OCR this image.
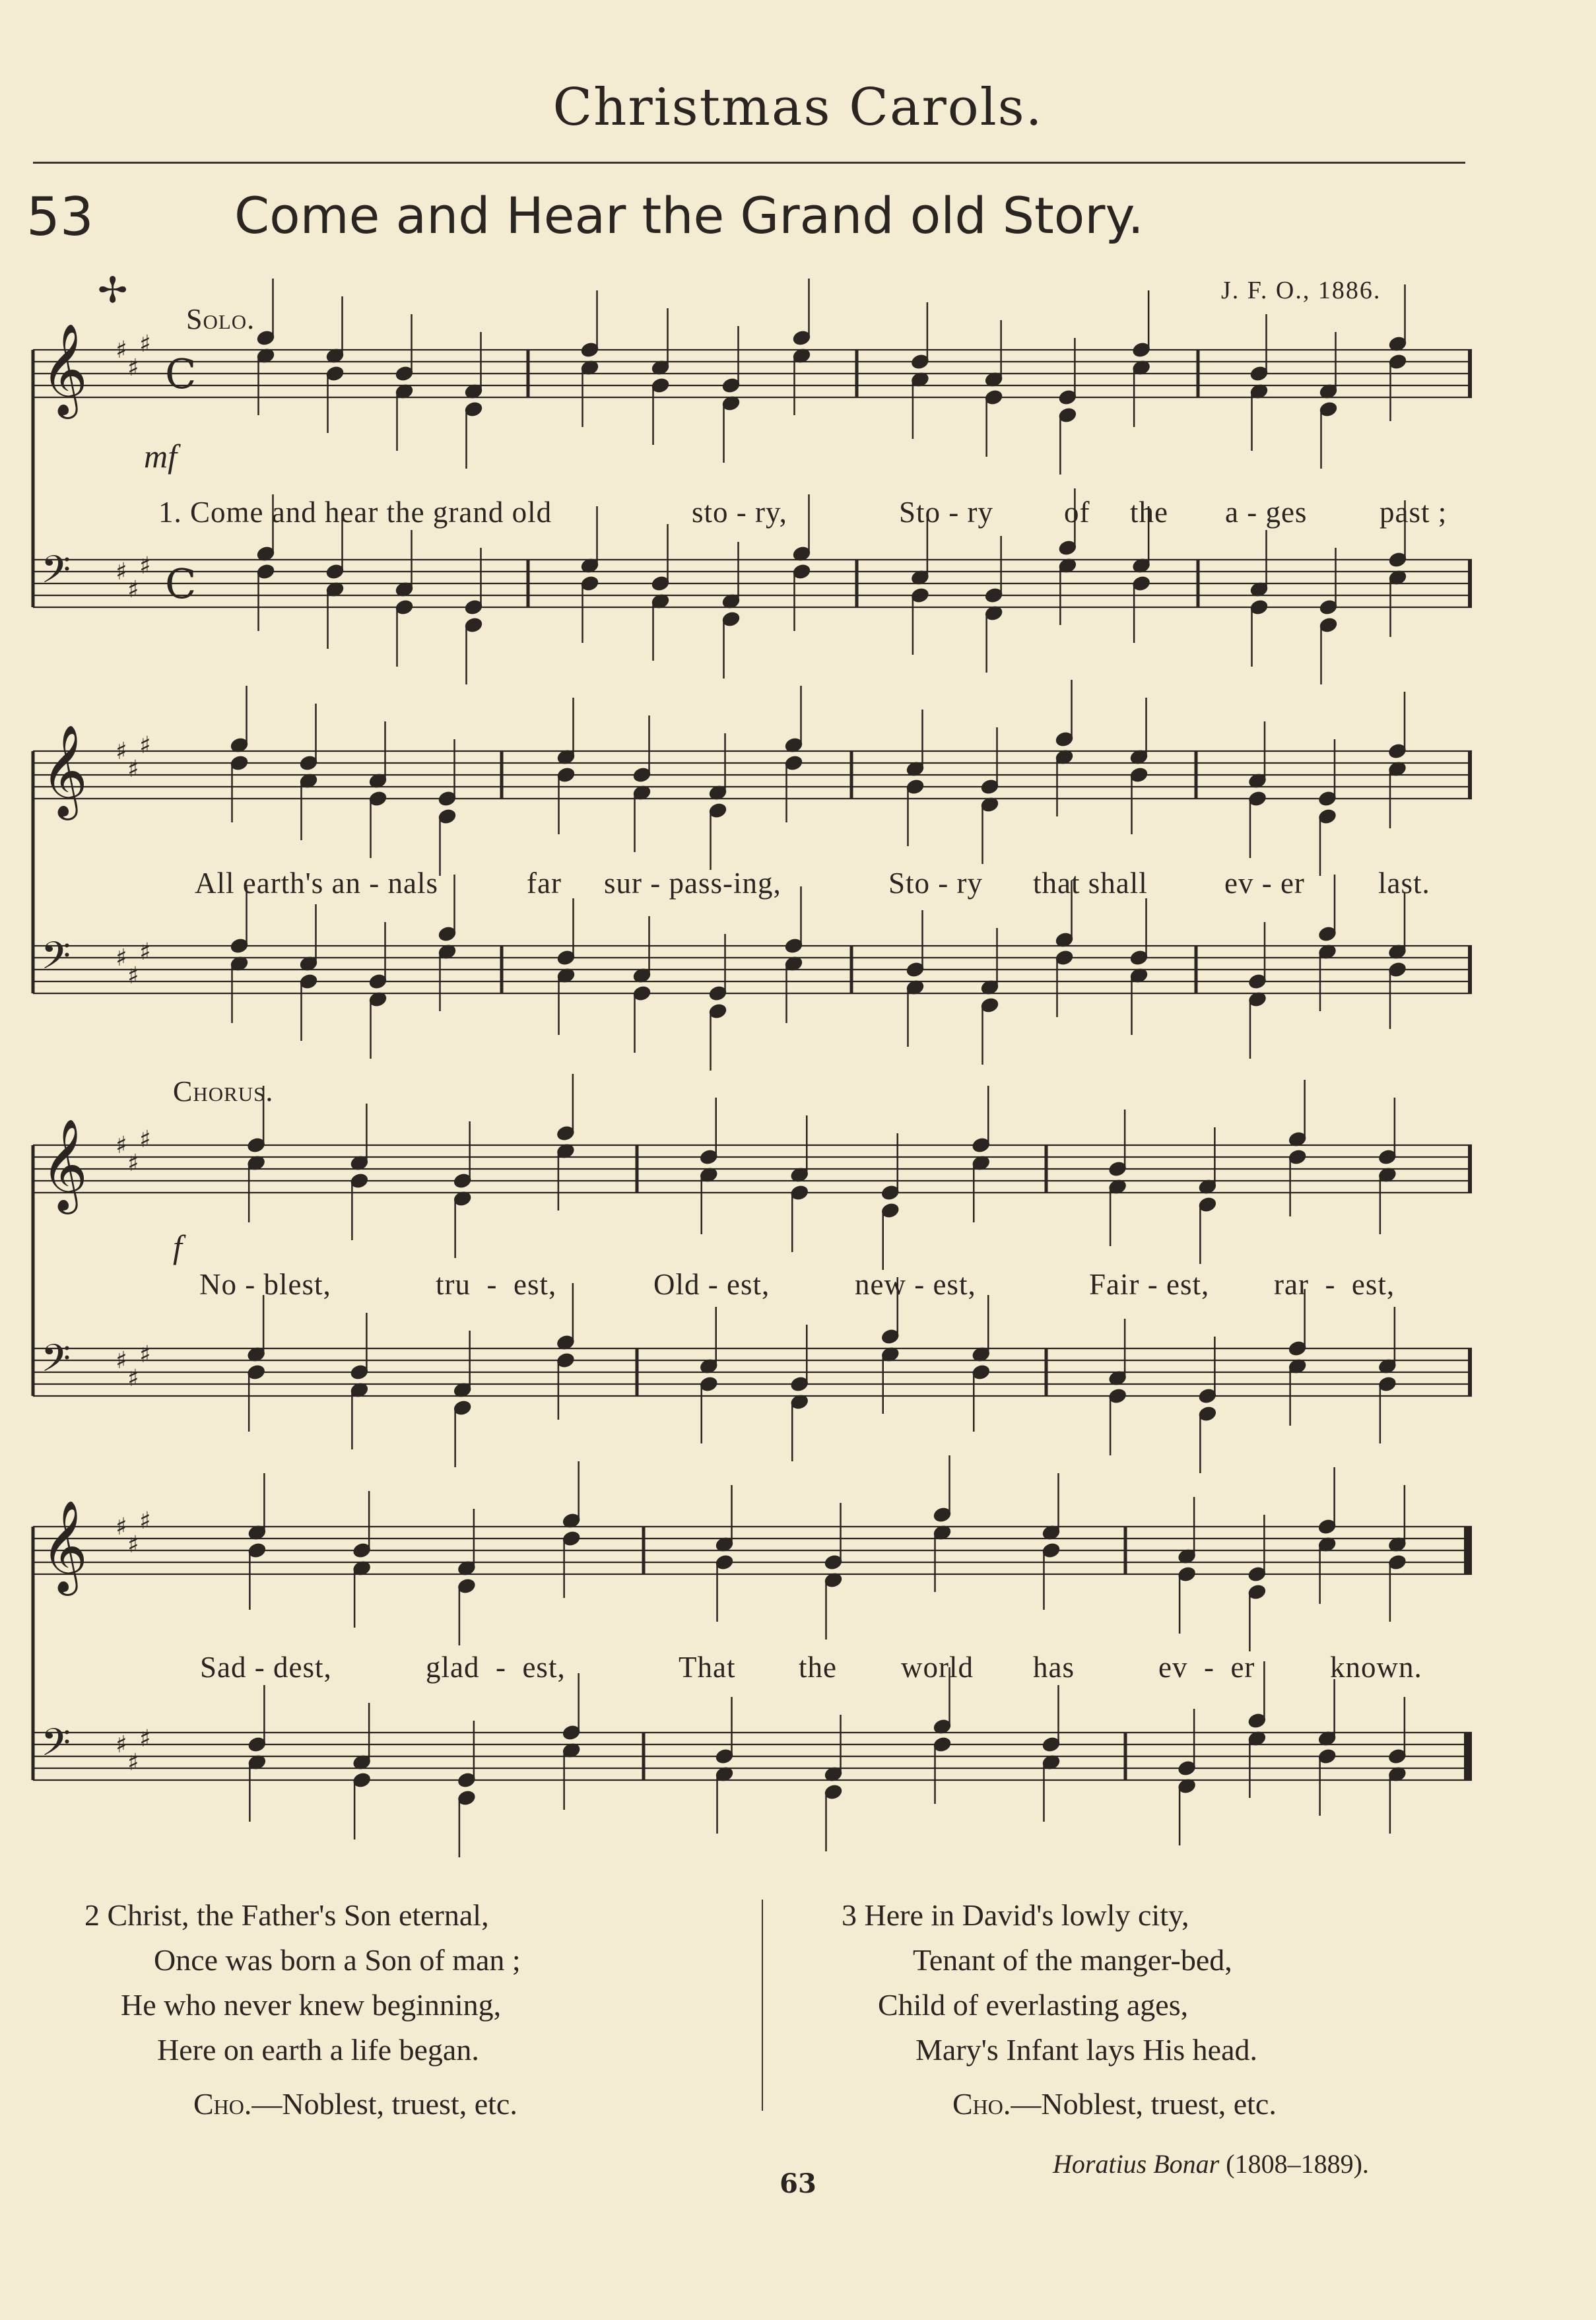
Christmas Carols.
53	Come and Hear the Grand old Story.
✢	J. F. O., 1886.
𝄞 ♯
♯
♯
C
𝄢 ♯
♯
♯ C
𝄞 ♯
♯
♯
𝄢 ♯
♯
♯
𝄞 ♯
♯
♯
𝄢 ♯
♯
♯
𝄞 ♯
♯
♯
𝄢 ♯
♯
♯
Solo.
Chorus.
mf
f
1. Come and hear the grand old	sto - ry,	Sto - ry of the a - ges past ;
All earth's an - nals	far sur - pass-ing,	Sto - ry that shall	ev - er last.
No - blest,	tru  -  est,	Old - est,	new - est,	Fair - est, rar  -  est,
Sad - dest,	glad  -  est,	That the world has	ev  -  er	known.
2 Christ, the Father's Son eternal,
Once was born a Son of man ;
He who never knew beginning,
Here on earth a life began.
Cho.—Noblest, truest, etc.
3 Here in David's lowly city,
Tenant of the manger-bed,
Child of everlasting ages,
Mary's Infant lays His head.
Cho.—Noblest, truest, etc.
Horatius Bonar (1808–1889).
63
